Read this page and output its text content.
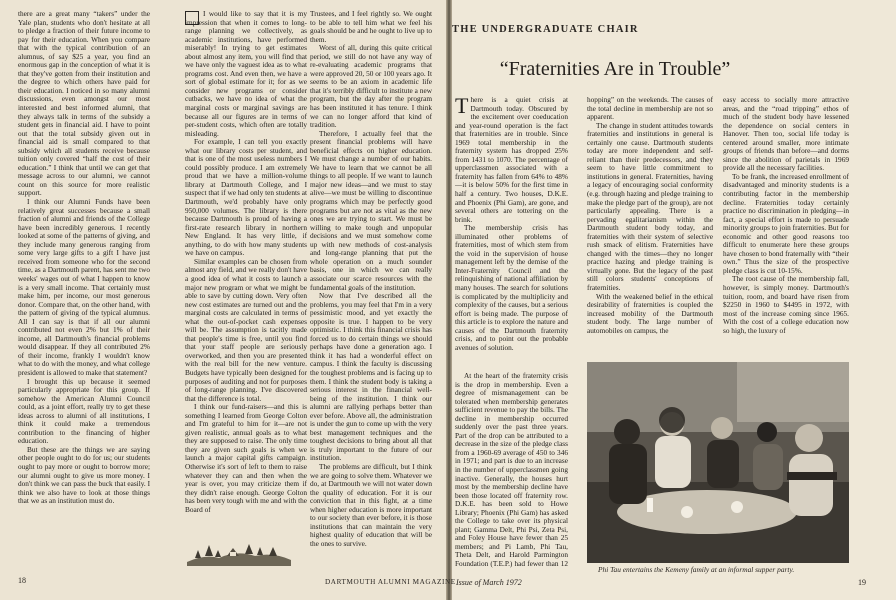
there are a great many “takers” under the Yale plan, students who don't hesitate at all to pledge a fraction of their future income to pay for their education. When you compare that with the typical contribution of an alumnus, of say $25 a year, you find an enormous gap in the conception of what it is that they've gotten from their institution and the degree to which others have paid for their education. I noticed in so many alumni discussions, even amongst our most interested and best informed alumni, that they always talk in terms of the subsidy a student gets in financial aid. I have to point out that the total subsidy given out in financial aid is small compared to that subsidy which all students receive because tuition only covered “half the cost of their education.” I think that until we can get that message across to our alumni, we cannot count on this source for more realistic support.

I think our Alumni Funds have been relatively great successes because a small fraction of alumni and friends of the College have been incredibly generous. I recently looked at some of the patterns of giving, and they include many generous ranging from some very large gifts to a gift I have just received from someone who for the second time, as a Dartmouth parent, has sent me two weeks' wages out of what I happen to know is a very small income. That certainly must make him, per income, our most generous donor. Compare that, on the other hand, with the pattern of giving of the typical alumnus. All I can say is that if all our alumni contributed not even 2% but 1% of their income, all Dartmouth's financial problems would disappear. If they all contributed 2% of their income, frankly I wouldn't know what to do with the money, and what college president is allowed to make that statement?

I brought this up because it seemed particularly appropriate for this group. If somehow the American Alumni Council could, as a joint effort, really try to get these ideas across to alumni of all institutions, I think it could make a tremendous contribution to the financing of higher education.

But these are the things we are saying other people ought to do for us; our students ought to pay more or ought to borrow more; our alumni ought to give us more money. I don't think we can pass the buck that easily. I think we also have to look at those things that we as an institution must do.

I would like to say that it is my impression that when it comes to long-range planning we collectively, as academic institutions, have performed miserably! In trying to get estimates about almost any item, you will find that we have only the vaguest idea as to what programs cost. And even then, we have a sort of global estimate for it; for as we consider new programs or consider cutbacks, we have no idea of what the marginal costs or marginal savings are because all our figures are in terms of per-student costs, which often are totally misleading.

For example, I can tell you exactly what our library costs per student, and that is one of the most useless numbers I could possibly produce. I am extremely proud that we have a million-volume library at Dartmouth College, and I suspect that if we had only ten students at Dartmouth, we'd probably have only 950,000 volumes. The library is there because Dartmouth is proud of having a first-rate research library in northern New England. It has very little, if anything, to do with how many students we have on campus.

Similar examples can be chosen from almost any field, and we really don't have a good idea of what it costs to launch a major new program or what we might be able to save by cutting down. Very often new cost estimates are turned out and the marginal costs are calculated in terms of what the out-of-pocket cash expenses will be. The assumption is tacitly made that people's time is free, until you find that your staff people are seriously overworked, and then you are presented with the real bill for the new venture. Budgets have typically been designed for purposes of auditing and not for purposes of long-range planning. I've discovered that the difference is total.

I think our fund-raisers—and this is something I learned from George Colton and I'm grateful to him for it—are not given realistic, annual goals as to what they are supposed to raise. The only time they are given such goals is when we launch a major capital gifts campaign. Otherwise it's sort of left to them to raise whatever they can and then when the year is over, you may criticize them if they didn't raise enough. George Colton has been very tough with me and with the Board of

Trustees, and I feel rightly so. We ought to be able to tell him what we feel his goals should be and he ought to live up to them.

Worst of all, during this quite critical period, we still do not have any way of re-evaluating academic programs that were approved 20, 50 or 100 years ago. It seems to be an axiom in academic life that it's terribly difficult to institute a new program, but the day after the program has been instituted it has tenure. I think we can no longer afford that kind of tradition.

Therefore, I actually feel that the present financial problems will have beneficial effects on higher education. We must change a number of our habits. We have to learn that we cannot be all things to all people. If we want to launch major new ideas—and we must to stay alive—we must be willing to discontinue programs which may be perfectly good programs but are not as vital as the new ones we are trying to start. We must be willing to make tough and unpopular decisions and we must somehow come up with new methods of cost-analysis and long-range planning that put the whole operation on a much sounder basis, one in which we can really associate our scarce resources with the fundamental goals of the institution.

Now that I've described all the problems, you may feel that I'm in a very pessimistic mood, and yet exactly the opposite is true. I happen to be very optimistic. I think this financial crisis has forced us to do certain things we should perhaps have done a generation ago. I think it has had a wonderful effect on campus. I think the faculty is discussing the toughest problems and is facing up to them. I think the student body is taking a serious interest in the financial well-being of the institution. I think our alumni are rallying perhaps better than ever before. Above all, the administration is under the gun to come up with the very best management techniques and the toughest decisions to bring about all that is truly important to the future of our institution.

The problems are difficult, but I think we are going to solve them. Whatever we do, at Dartmouth we will not water down the quality of education. For it is our conviction that in this fight, at a time when higher education is more important to our society than ever before, it is those institutions that can maintain the very highest quality of education that will be the ones to survive.

18	DARTMOUTH ALUMNI MAGAZINE
THE UNDERGRADUATE CHAIR
“Fraternities Are in Trouble”

There is a quiet crisis at Dartmouth today. Obscured by the excitement over coeducation and year-round operation is the fact that fraternities are in trouble. Since 1969 total membership in the fraternity system has dropped 25% from 1431 to 1070. The percentage of upperclassmen associated with a fraternity has fallen from 64% to 48%—it is below 50% for the first time in half a century. Two houses, D.K.E. and Phoenix (Phi Gam), are gone, and several others are tottering on the brink.

The membership crisis has illuminated other problems of fraternities, most of which stem from the void in the supervision of house management left by the demise of the Inter-Fraternity Council and the relinquishing of national affiliation by many houses. The search for solutions is complicated by the multiplicity and complexity of the causes, but a serious effort is being made. The purpose of this article is to explore the nature and causes of the Dartmouth fraternity crisis, and to point out the probable avenues of solution.

At the heart of the fraternity crisis is the drop in membership. Even a degree of mismanagement can be tolerated when membership generates sufficient revenue to pay the bills. The decline in membership occurred suddenly over the past three years. Part of the drop can be attributed to a decrease in the size of the pledge class from a 1960-69 average of 450 to 346 in 1971; and part is due to an increase in the number of upperclassmen going inactive. Generally, the houses hurt most by the membership decline have been those located off fraternity row. D.K.E. has been sold to Howe Library; Phoenix (Phi Gam) has asked the College to take over its physical plant; Gamma Delt, Phi Psi, Zeta Psi, and Foley House have fewer than 25 members; and Pi Lamb, Phi Tau, Theta Delt, and Harold Parmington Foundation (T.E.P.) had fewer than 12

hopping” on the weekends. The causes of the total decline in membership are not so apparent.

The change in student attitudes towards fraternities and institutions in general is certainly one cause. Dartmouth students today are more independent and self-reliant than their predecessors, and they seem to have little commitment to institutions in general. Fraternities, having a legacy of encouraging social conformity (e.g. through hazing and pledge training to make the pledge part of the group), are not particularly appealing. There is a pervading egalitarianism within the Dartmouth student body today, and fraternities with their system of selective rush smack of elitism. Fraternities have changed with the times—they no longer practice hazing and pledge training is virtually gone. But the legacy of the past still colors students' conceptions of fraternities.

With the weakened belief in the ethical desirability of fraternities is coupled the increased mobility of the Dartmouth student body. The large number of automobiles on campus, the

easy access to socially more attractive areas, and the “road tripping” ethos of much of the student body have lessened the dependence on social centers in Hanover. Then too, social life today is centered around smaller, more intimate groups of friends than before—and dorms since the abolition of parietals in 1969 provide all the necessary facilities.

To be frank, the increased enrollment of disadvantaged and minority students is a contributing factor in the membership decline. Fraternities today certainly practice no discrimination in pledging—in fact, a special effort is made to persuade minority groups to join fraternities. But for economic and other good reasons too difficult to enumerate here these groups have chosen to bond fraternally with “their own.” Thus the size of the prospective pledge class is cut 10-15%.

The root cause of the membership fall, however, is simply money. Dartmouth's tuition, room, and board have risen from $2250 in 1960 to $4495 in 1972, with most of the increase coming since 1965. With the cost of a college education now so high, the luxury of

Phi Tau entertains the Kemeny family at an informal supper party.
Issue of March 1972	19
